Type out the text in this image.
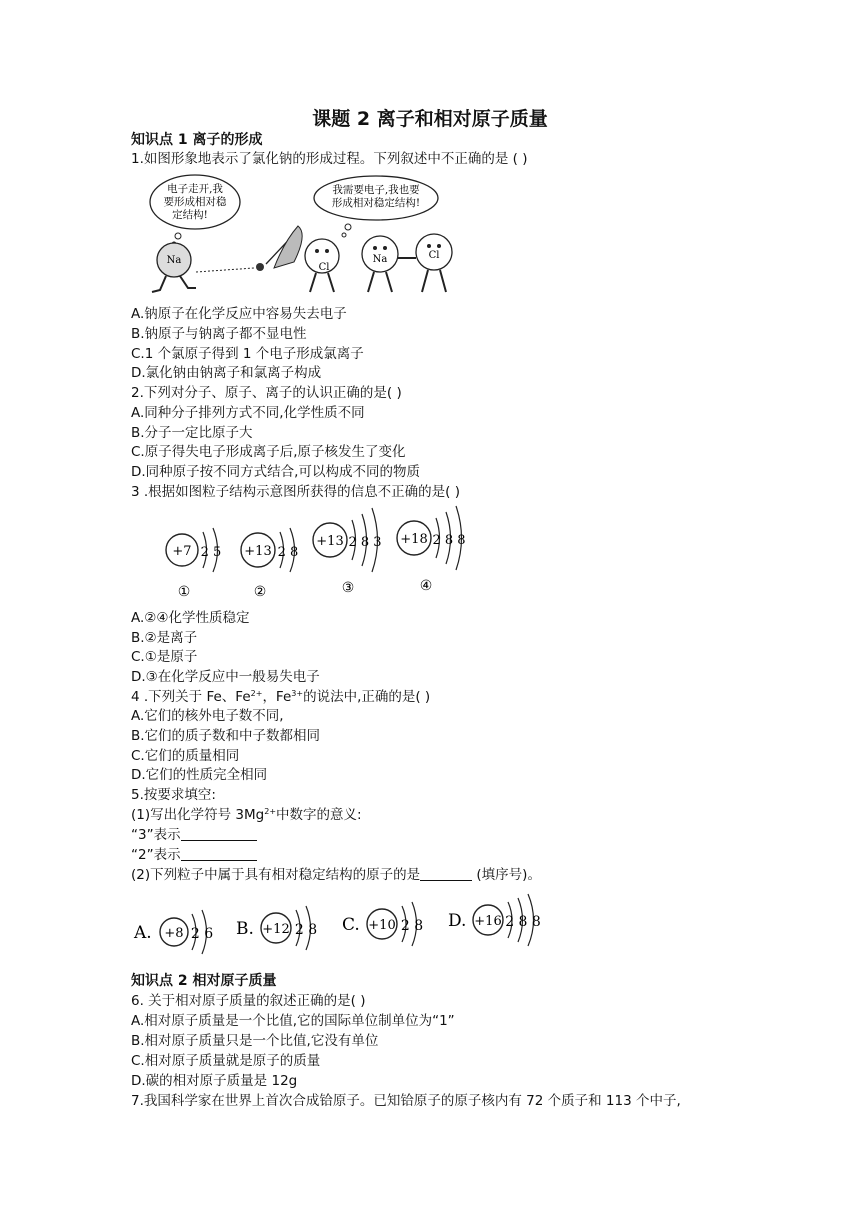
课题 2 离子和相对原子质量
知识点 1 离子的形成
1.如图形象地表示了氯化钠的形成过程。下列叙述中不正确的是 ( )
电子走开,我
要形成相对稳
定结构!
我需要电子,我也要
形成相对稳定结构!
Na
Cl
Na	Cl
A.钠原子在化学反应中容易失去电子
B.钠原子与钠离子都不显电性
C.1 个氯原子得到 1 个电子形成氯离子
D.氯化钠由钠离子和氯离子构成
2.下列对分子、原子、离子的认识正确的是( )
A.同种分子排列方式不同,化学性质不同
B.分子一定比原子大
C.原子得失电子形成离子后,原子核发生了变化
D.同种原子按不同方式结合,可以构成不同的物质
3 .根据如图粒子结构示意图所获得的信息不正确的是( )
+7 2 5
①
+13 2 8
②
+13 2 8 3
③
+18 2 8 8
④
A.②④化学性质稳定
B.②是离子
C.①是原子
D.③在化学反应中一般易失电子
4 .下列关于 Fe、$Fe^{2+}$，$Fe^{3+}$的说法中,正确的是( )
A.它们的核外电子数不同,
B.它们的质子数和中子数都相同
C.它们的质量相同
D.它们的性质完全相同
5.按要求填空:
(1)写出化学符号 $3Mg^{2+}$中数字的意义:
“3”表示
“2”表示
(2)下列粒子中属于具有相对稳定结构的原子的是	(填序号)。
A. +8 2 6 B. +12 2 8 C. +10 2 8 D. +16 2 8 8
知识点 2 相对原子质量
6. 关于相对原子质量的叙述正确的是( )
A.相对原子质量是一个比值,它的国际单位制单位为“1”
B.相对原子质量只是一个比值,它没有单位
C.相对原子质量就是原子的质量
D.碳的相对原子质量是 12g
7.我国科学家在世界上首次合成铪原子。已知铪原子的原子核内有 72 个质子和 113 个中子,
